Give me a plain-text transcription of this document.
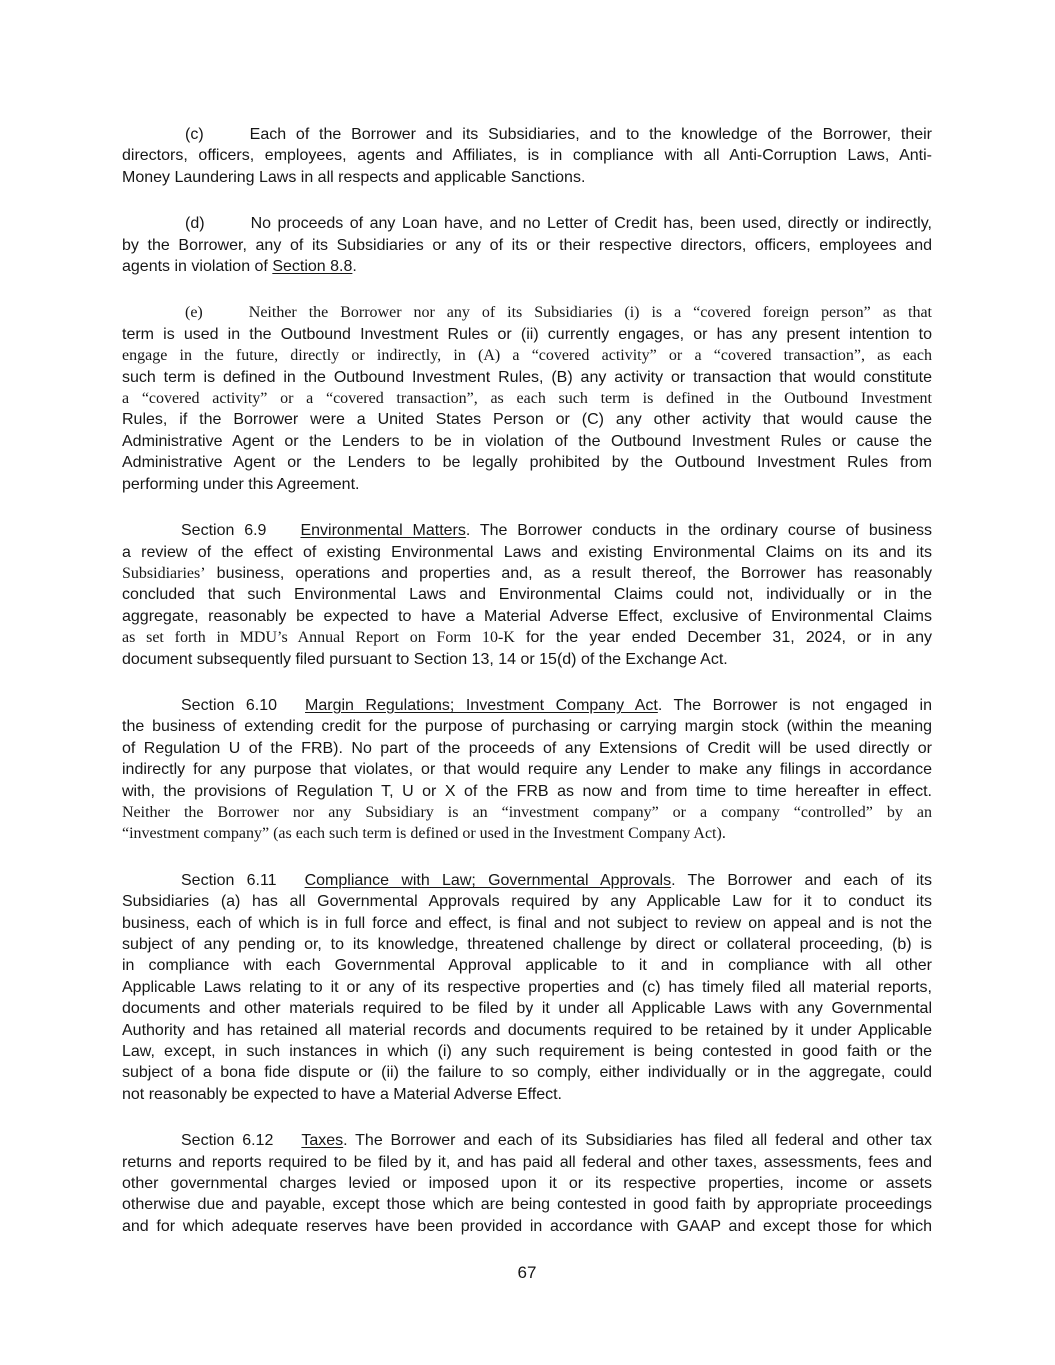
(c)	Each of the Borrower and its Subsidiaries, and to the knowledge of the Borrower, their
directors, officers, employees, agents and Affiliates, is in compliance with all Anti-Corruption Laws, Anti-
Money Laundering Laws in all respects and applicable Sanctions.
(d)	No proceeds of any Loan have, and no Letter of Credit has, been used, directly or indirectly,
by the Borrower, any of its Subsidiaries or any of its or their respective directors, officers, employees and
agents in violation of Section 8.8.
(e)	Neither the Borrower nor any of its Subsidiaries (i) is a “covered foreign person” as that
term is used in the Outbound Investment Rules or (ii) currently engages, or has any present intention to
engage in the future, directly or indirectly, in (A) a “covered activity” or a “covered transaction”, as each
such term is defined in the Outbound Investment Rules, (B) any activity or transaction that would constitute
a “covered activity” or a “covered transaction”, as each such term is defined in the Outbound Investment
Rules, if the Borrower were a United States Person or (C) any other activity that would cause the
Administrative Agent or the Lenders to be in violation of the Outbound Investment Rules or cause the
Administrative Agent or the Lenders to be legally prohibited by the Outbound Investment Rules from
performing under this Agreement.
Section 6.9 Environmental Matters. The Borrower conducts in the ordinary course of business
a review of the effect of existing Environmental Laws and existing Environmental Claims on its and its
Subsidiaries’ business, operations and properties and, as a result thereof, the Borrower has reasonably
concluded that such Environmental Laws and Environmental Claims could not, individually or in the
aggregate, reasonably be expected to have a Material Adverse Effect, exclusive of Environmental Claims
as set forth in MDU’s Annual Report on Form 10-K for the year ended December 31, 2024, or in any
document subsequently filed pursuant to Section 13, 14 or 15(d) of the Exchange Act.
Section 6.10 Margin Regulations; Investment Company Act. The Borrower is not engaged in
the business of extending credit for the purpose of purchasing or carrying margin stock (within the meaning
of Regulation U of the FRB). No part of the proceeds of any Extensions of Credit will be used directly or
indirectly for any purpose that violates, or that would require any Lender to make any filings in accordance
with, the provisions of Regulation T, U or X of the FRB as now and from time to time hereafter in effect.
Neither the Borrower nor any Subsidiary is an “investment company” or a company “controlled” by an
“investment company” (as each such term is defined or used in the Investment Company Act).
Section 6.11 Compliance with Law; Governmental Approvals. The Borrower and each of its
Subsidiaries (a) has all Governmental Approvals required by any Applicable Law for it to conduct its
business, each of which is in full force and effect, is final and not subject to review on appeal and is not the
subject of any pending or, to its knowledge, threatened challenge by direct or collateral proceeding, (b) is
in compliance with each Governmental Approval applicable to it and in compliance with all other
Applicable Laws relating to it or any of its respective properties and (c) has timely filed all material reports,
documents and other materials required to be filed by it under all Applicable Laws with any Governmental
Authority and has retained all material records and documents required to be retained by it under Applicable
Law, except, in such instances in which (i) any such requirement is being contested in good faith or the
subject of a bona fide dispute or (ii) the failure to so comply, either individually or in the aggregate, could
not reasonably be expected to have a Material Adverse Effect.
Section 6.12 Taxes. The Borrower and each of its Subsidiaries has filed all federal and other tax
returns and reports required to be filed by it, and has paid all federal and other taxes, assessments, fees and
other governmental charges levied or imposed upon it or its respective properties, income or assets
otherwise due and payable, except those which are being contested in good faith by appropriate proceedings
and for which adequate reserves have been provided in accordance with GAAP and except those for which
67
